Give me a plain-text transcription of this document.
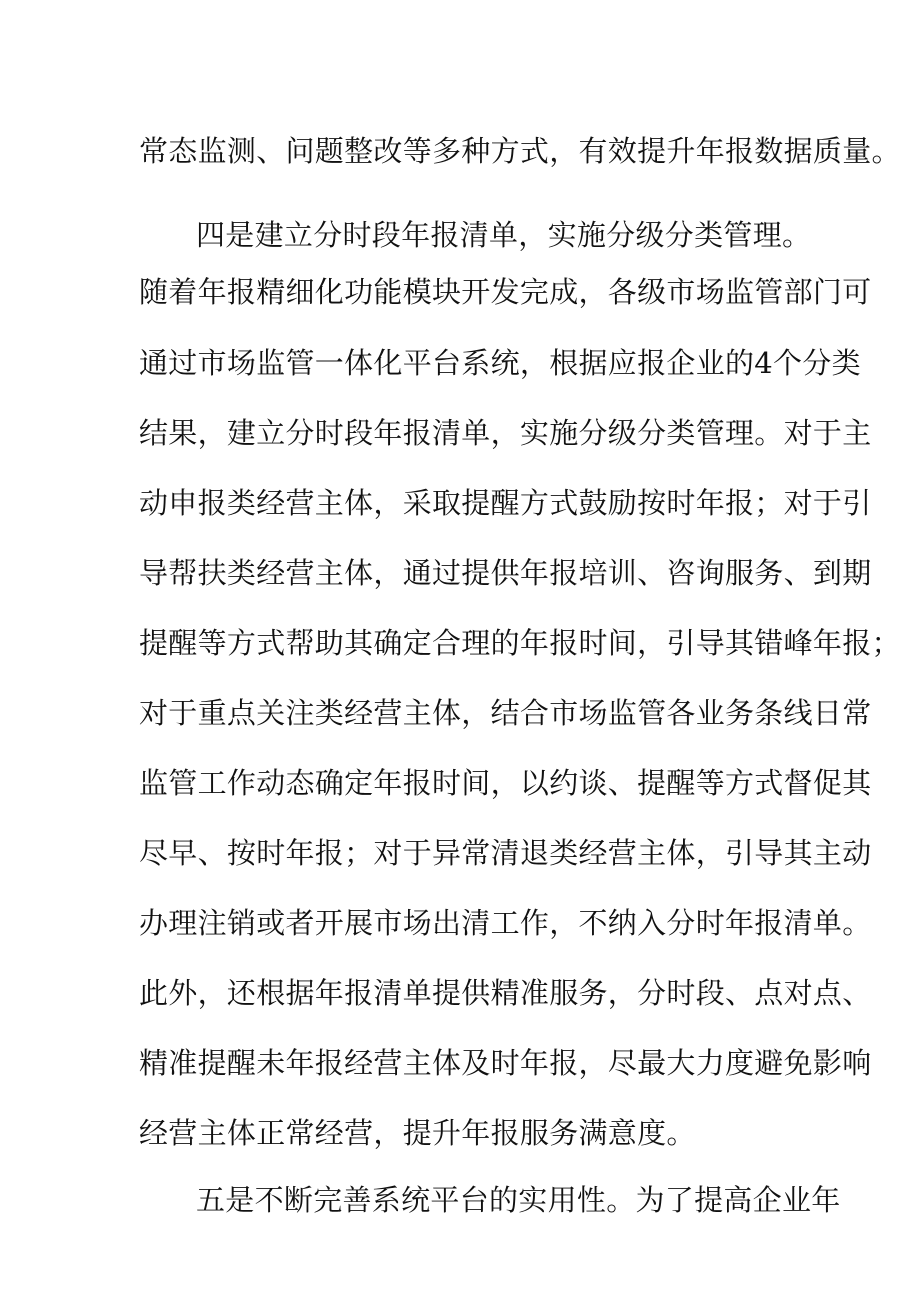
常态监测、问题整改等多种方式，有效提升年报数据质量。
四是建立分时段年报清单，实施分级分类管理。
随着年报精细化功能模块开发完成，各级市场监管部门可
通过市场监管一体化平台系统，根据应报企业的4个分类
结果，建立分时段年报清单，实施分级分类管理。对于主
动申报类经营主体，采取提醒方式鼓励按时年报；对于引
导帮扶类经营主体，通过提供年报培训、咨询服务、到期
提醒等方式帮助其确定合理的年报时间，引导其错峰年报；
对于重点关注类经营主体，结合市场监管各业务条线日常
监管工作动态确定年报时间，以约谈、提醒等方式督促其
尽早、按时年报；对于异常清退类经营主体，引导其主动
办理注销或者开展市场出清工作，不纳入分时年报清单。
此外，还根据年报清单提供精准服务，分时段、点对点、
精准提醒未年报经营主体及时年报，尽最大力度避免影响
经营主体正常经营，提升年报服务满意度。
五是不断完善系统平台的实用性。为了提高企业年
